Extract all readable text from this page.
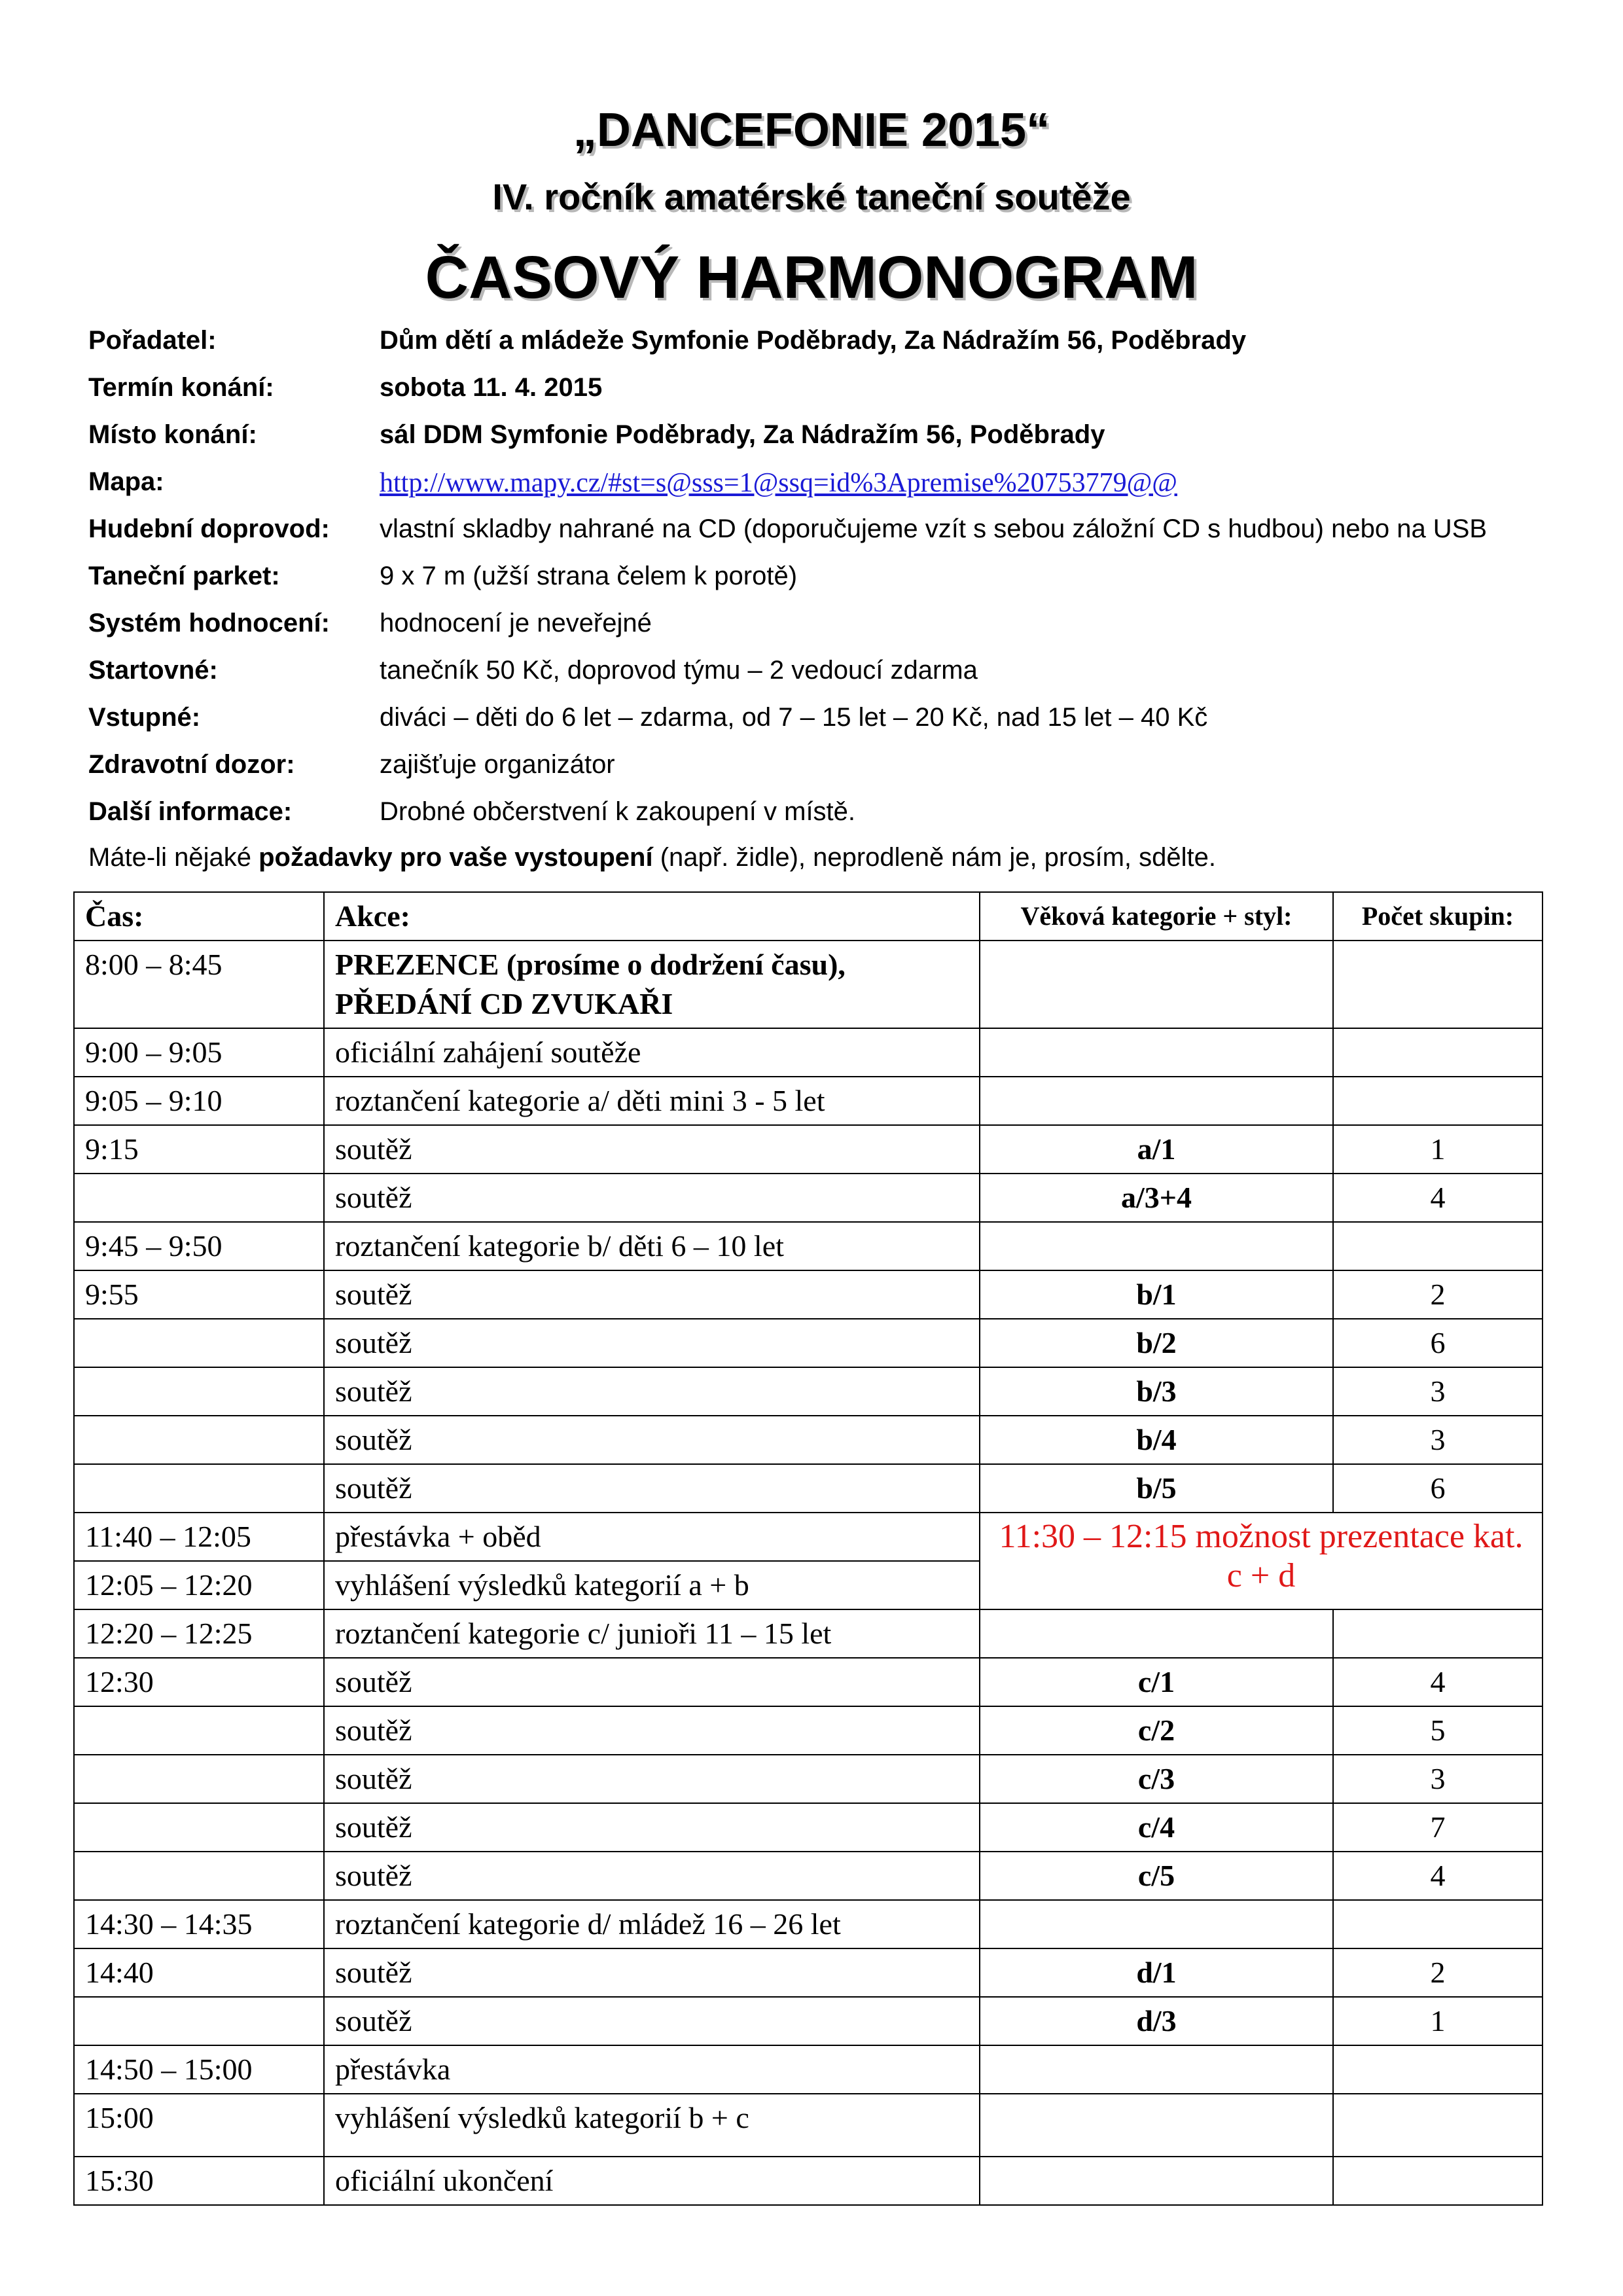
„DANCEFONIE 2015“
IV. ročník amatérské taneční soutěže
ČASOVÝ HARMONOGRAM
Pořadatel:	Dům dětí a mládeže Symfonie Poděbrady, Za Nádražím 56, Poděbrady
Termín konání:	sobota 11. 4. 2015
Místo konání:	sál DDM Symfonie Poděbrady, Za Nádražím 56, Poděbrady
Mapa:	http://www.mapy.cz/#st=s@sss=1@ssq=id%3Apremise%20753779@@
Hudební doprovod: vlastní skladby nahrané na CD (doporučujeme vzít s sebou záložní CD s hudbou) nebo na USB
Taneční parket:	9 x 7 m (užší strana čelem k porotě)
Systém hodnocení: hodnocení je neveřejné
Startovné:	tanečník 50 Kč, doprovod týmu – 2 vedoucí zdarma
Vstupné:	diváci – děti do 6 let – zdarma, od 7 – 15 let – 20 Kč, nad 15 let – 40 Kč
Zdravotní dozor:	zajišťuje organizátor
Další informace:	Drobné občerstvení k zakoupení v místě.
Máte-li nějaké požadavky pro vaše vystoupení (např. židle), neprodleně nám je, prosím, sdělte.
Čas:	Akce:	Věková kategorie + styl:	Počet skupin:
8:00 – 8:45	PREZENCE (prosíme o dodržení času),
PŘEDÁNÍ CD ZVUKAŘI		
9:00 – 9:05	oficiální zahájení soutěže		
9:05 – 9:10	roztančení kategorie a/ děti mini 3 - 5 let		
9:15	soutěž	a/1	1
	soutěž	a/3+4	4
9:45 – 9:50	roztančení kategorie b/ děti 6 – 10 let		
9:55	soutěž	b/1	2
	soutěž	b/2	6
	soutěž	b/3	3
	soutěž	b/4	3
	soutěž	b/5	6
11:40 – 12:05	přestávka + oběd	11:30 – 12:15 možnost prezentace kat. c + d	
12:05 – 12:20	vyhlášení výsledků kategorií a + b		
12:20 – 12:25	roztančení kategorie c/ junioři 11 – 15 let		
12:30	soutěž	c/1	4
	soutěž	c/2	5
	soutěž	c/3	3
	soutěž	c/4	7
	soutěž	c/5	4
14:30 – 14:35	roztančení kategorie d/ mládež 16 – 26 let		
14:40	soutěž	d/1	2
	soutěž	d/3	1
14:50 – 15:00	přestávka		
15:00	vyhlášení výsledků kategorií b + c		
15:30	oficiální ukončení		
